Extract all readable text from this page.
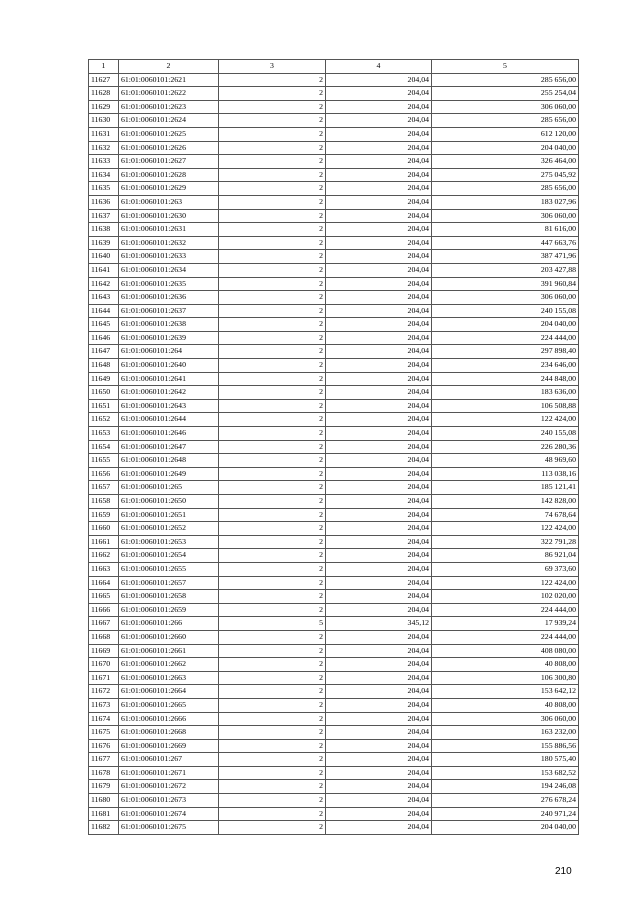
1	2	3	4	5
11627	61:01:0060101:2621	2	204,04	285 656,00
11628	61:01:0060101:2622	2	204,04	255 254,04
11629	61:01:0060101:2623	2	204,04	306 060,00
11630	61:01:0060101:2624	2	204,04	285 656,00
11631	61:01:0060101:2625	2	204,04	612 120,00
11632	61:01:0060101:2626	2	204,04	204 040,00
11633	61:01:0060101:2627	2	204,04	326 464,00
11634	61:01:0060101:2628	2	204,04	275 045,92
11635	61:01:0060101:2629	2	204,04	285 656,00
11636	61:01:0060101:263	2	204,04	183 027,96
11637	61:01:0060101:2630	2	204,04	306 060,00
11638	61:01:0060101:2631	2	204,04	81 616,00
11639	61:01:0060101:2632	2	204,04	447 663,76
11640	61:01:0060101:2633	2	204,04	387 471,96
11641	61:01:0060101:2634	2	204,04	203 427,88
11642	61:01:0060101:2635	2	204,04	391 960,84
11643	61:01:0060101:2636	2	204,04	306 060,00
11644	61:01:0060101:2637	2	204,04	240 155,08
11645	61:01:0060101:2638	2	204,04	204 040,00
11646	61:01:0060101:2639	2	204,04	224 444,00
11647	61:01:0060101:264	2	204,04	297 898,40
11648	61:01:0060101:2640	2	204,04	234 646,00
11649	61:01:0060101:2641	2	204,04	244 848,00
11650	61:01:0060101:2642	2	204,04	183 636,00
11651	61:01:0060101:2643	2	204,04	106 508,88
11652	61:01:0060101:2644	2	204,04	122 424,00
11653	61:01:0060101:2646	2	204,04	240 155,08
11654	61:01:0060101:2647	2	204,04	226 280,36
11655	61:01:0060101:2648	2	204,04	48 969,60
11656	61:01:0060101:2649	2	204,04	113 038,16
11657	61:01:0060101:265	2	204,04	185 121,41
11658	61:01:0060101:2650	2	204,04	142 828,00
11659	61:01:0060101:2651	2	204,04	74 678,64
11660	61:01:0060101:2652	2	204,04	122 424,00
11661	61:01:0060101:2653	2	204,04	322 791,28
11662	61:01:0060101:2654	2	204,04	86 921,04
11663	61:01:0060101:2655	2	204,04	69 373,60
11664	61:01:0060101:2657	2	204,04	122 424,00
11665	61:01:0060101:2658	2	204,04	102 020,00
11666	61:01:0060101:2659	2	204,04	224 444,00
11667	61:01:0060101:266	5	345,12	17 939,24
11668	61:01:0060101:2660	2	204,04	224 444,00
11669	61:01:0060101:2661	2	204,04	408 080,00
11670	61:01:0060101:2662	2	204,04	40 808,00
11671	61:01:0060101:2663	2	204,04	106 300,80
11672	61:01:0060101:2664	2	204,04	153 642,12
11673	61:01:0060101:2665	2	204,04	40 808,00
11674	61:01:0060101:2666	2	204,04	306 060,00
11675	61:01:0060101:2668	2	204,04	163 232,00
11676	61:01:0060101:2669	2	204,04	155 886,56
11677	61:01:0060101:267	2	204,04	180 575,40
11678	61:01:0060101:2671	2	204,04	153 682,52
11679	61:01:0060101:2672	2	204,04	194 246,08
11680	61:01:0060101:2673	2	204,04	276 678,24
11681	61:01:0060101:2674	2	204,04	240 971,24
11682	61:01:0060101:2675	2	204,04	204 040,00
210
